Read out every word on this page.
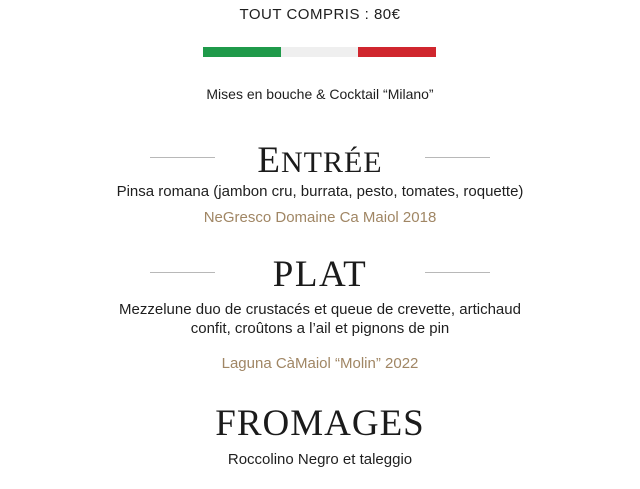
TOUT COMPRIS : 80€
Mises en bouche & Cocktail “Milano”
ENTRÉE
Pinsa romana (jambon cru, burrata, pesto, tomates, roquette)
NeGresco Domaine Ca Maiol 2018
PLAT
Mezzelune duo de crustacés et queue de crevette, artichaud
confit, croûtons a l’ail et pignons de pin
Laguna CàMaiol “Molin” 2022
FROMAGES
Roccolino Negro et taleggio
